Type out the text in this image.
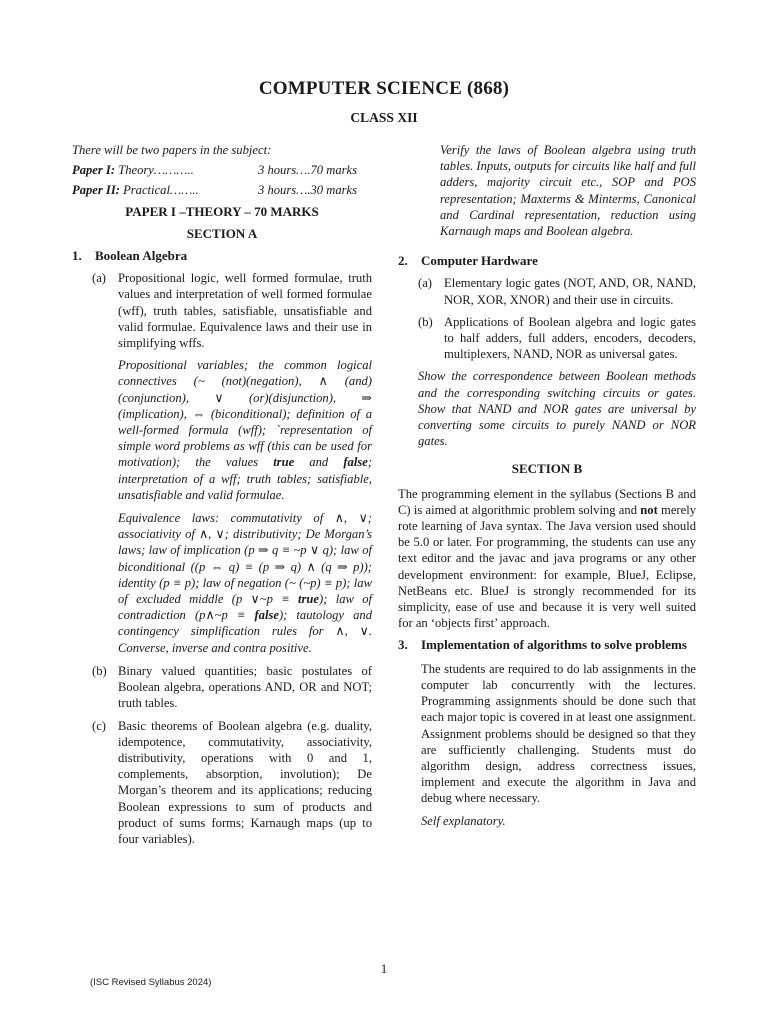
COMPUTER SCIENCE (868)
CLASS XII

There will be two papers in the subject:

Paper I: Theory………..	3 hours….70 marks
Paper II: Practical……..	3 hours….30 marks

PAPER I –THEORY – 70 MARKS

SECTION A

1.	Boolean Algebra
(a) Propositional logic, well formed formulae, truth values and interpretation of well formed formulae (wff), truth tables, satisfiable, unsatisfiable and valid formulae. Equivalence laws and their use in simplifying wffs.

Propositional variables; the common logical connectives (~ (not)(negation), ∧ (and)(conjunction), ∨ (or)(disjunction), ⇒ (implication), ⇔ (biconditional); definition of a well-formed formula (wff); `representation of simple word problems as wff (this can be used for motivation); the values true and false; interpretation of a wff; truth tables; satisfiable, unsatisfiable and valid formulae.

Equivalence laws: commutativity of ∧, ∨; associativity of ∧, ∨; distributivity; De Morgan’s laws; law of implication (p ⇒ q ≡ ~p ∨ q); law of biconditional ((p ⇔ q) ≡ (p ⇒ q) ∧ (q ⇒ p)); identity (p ≡ p); law of negation (~ (~p) ≡ p); law of excluded middle (p ∨~p ≡ true); law of contradiction (p∧~p ≡ false); tautology and contingency simplification rules for ∧, ∨. Converse, inverse and contra positive.

(b) Binary valued quantities; basic postulates of Boolean algebra, operations AND, OR and NOT; truth tables.
(c) Basic theorems of Boolean algebra (e.g. duality, idempotence, commutativity, associativity, distributivity, operations with 0 and 1, complements, absorption, involution); De Morgan’s theorem and its applications; reducing Boolean expressions to sum of products and product of sums forms; Karnaugh maps (up to four variables).

Verify the laws of Boolean algebra using truth tables. Inputs, outputs for circuits like half and full adders, majority circuit etc., SOP and POS representation; Maxterms & Minterms, Canonical and Cardinal representation, reduction using Karnaugh maps and Boolean algebra.

2.	Computer Hardware
(a) Elementary logic gates (NOT, AND, OR, NAND, NOR, XOR, XNOR) and their use in circuits.
(b) Applications of Boolean algebra and logic gates to half adders, full adders, encoders, decoders, multiplexers, NAND, NOR as universal gates.

Show the correspondence between Boolean methods and the corresponding switching circuits or gates. Show that NAND and NOR gates are universal by converting some circuits to purely NAND or NOR gates.

SECTION B

The programming element in the syllabus (Sections B and C) is aimed at algorithmic problem solving and not merely rote learning of Java syntax. The Java version used should be 5.0 or later. For programming, the students can use any text editor and the javac and java programs or any other development environment: for example, BlueJ, Eclipse, NetBeans etc. BlueJ is strongly recommended for its simplicity, ease of use and because it is very well suited for an ‘objects first’ approach.

3.	Implementation of algorithms to solve problems

The students are required to do lab assignments in the computer lab concurrently with the lectures. Programming assignments should be done such that each major topic is covered in at least one assignment. Assignment problems should be designed so that they are sufficiently challenging. Students must do algorithm design, address correctness issues, implement and execute the algorithm in Java and debug where necessary.

Self explanatory.

1
(ISC Revised Syllabus 2024)
